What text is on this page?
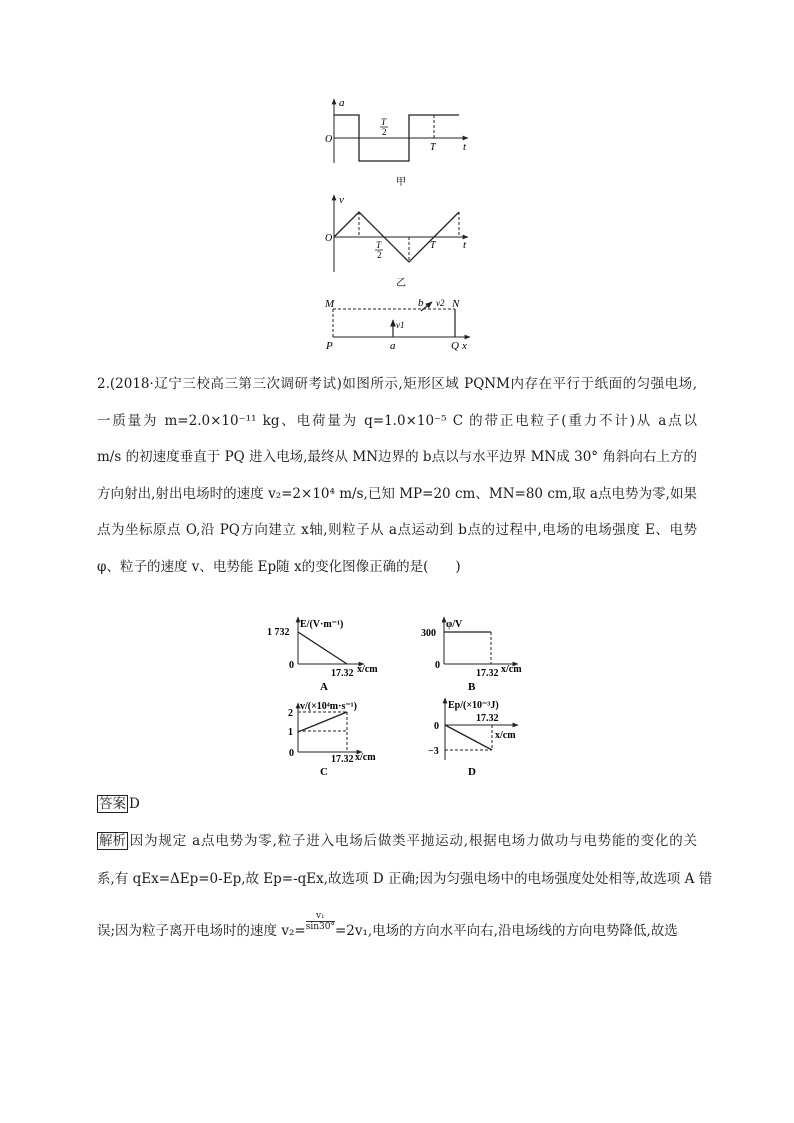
a
t
O
T
2
T
甲
v
t
O
T
2
T
乙
M	N
P	Q x
a
b
v1
v2
2.(2018·辽宁三校高三第三次调研考试)如图所示,矩形区域 PQNM内存在平行于纸面的匀强电场,
一质量为 m=2.0×10⁻¹¹ kg、电荷量为 q=1.0×10⁻⁵ C 的带正电粒子(重力不计)从 a点以
m/s 的初速度垂直于 PQ 进入电场,最终从 MN边界的 b点以与水平边界 MN成 30° 角斜向右上方的
方向射出,射出电场时的速度 v₂=2×10⁴ m/s,已知 MP=20 cm、MN=80 cm,取 a点电势为零,如果
点为坐标原点 O,沿 PQ方向建立 x轴,则粒子从 a点运动到 b点的过程中,电场的电场强度 E、电势
φ、粒子的速度 v、电势能 Ep随 x的变化图像正确的是(　　)
E/(V·m⁻¹)
1 732
0
17.32 x/cm
A
φ/V
300
0
17.32 x/cm
B
v/(×10⁴m·s⁻¹)
2
1
0
17.32 x/cm
C
Ep/(×10⁻³J)
0
17.32
x/cm
−3
D
答案 D
解析 因为规定 a点电势为零,粒子进入电场后做类平抛运动,根据电场力做功与电势能的变化的关
系,有 qEx=ΔEp=0-Ep,故 Ep=-qEx,故选项 D 正确;因为匀强电场中的电场强度处处相等,故选项 A 错
误;因为粒子离开电场时的速度 $v_2= \frac{\text{v₁}}{\sin 30^\circ} =2v_1$,电场的方向水平向右,沿电场线的方向电势降低,故选
